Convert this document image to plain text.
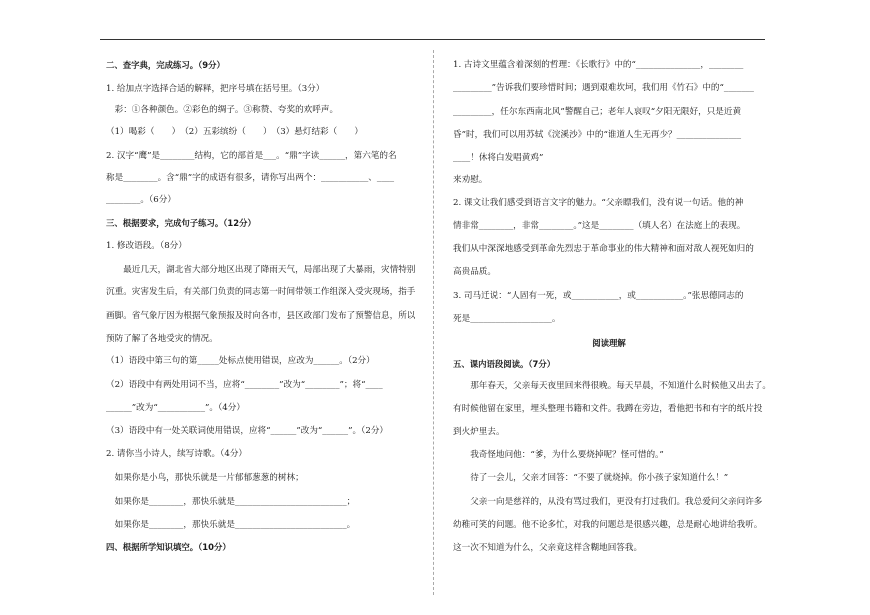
二、查字典，完成练习。（9分）
1. 给加点字选择合适的解释，把序号填在括号里。（3分）
　彩：①各种颜色。②彩色的绸子。③称赞、夸奖的欢呼声。
（1）喝彩（　　）　（2）五彩缤纷（　　）　（3）悬灯结彩（　　）
2. 汉字“鹰”是________结构，它的部首是___。“鼎”字读______，第六笔的名
称是________。含“鼎”字的成语有很多，请你写出两个：___________、____
________。（6分）
三、根据要求，完成句子练习。（12分）
1. 修改语段。（8分）
　　最近几天，湖北省大部分地区出现了降雨天气，局部出现了大暴雨，灾情特别
沉重。灾害发生后，有关部门负责的同志第一时间带领工作组深入受灾现场，指手
画脚。省气象厅因为根据气象预报及时向各市，县区政部门发布了预警信息，所以
预防了解了各地受灾的情况。
（1）语段中第三句的第_____处标点使用错误，应改为______。（2分）
（2）语段中有两处用词不当，应将“________”改为“________”；将“____
______”改为“___________”。（4分）
（3）语段中有一处关联词使用错误，应将“______”改为“______”。（2分）
2. 请你当小诗人，续写诗歌。（4分）
　如果你是小鸟，那快乐就是一片郁郁葱葱的树林；
　如果你是________，那快乐就是__________________________；
　如果你是________，那快乐就是__________________________。
四、根据所学知识填空。（10分）
1. 古诗文里蕴含着深刻的哲理：《长歌行》中的“_______________，________
_________”告诉我们要珍惜时间；遇到艰难坎坷，我们用《竹石》中的“_______
_________，任尔东西南北风”警醒自己；老年人哀叹“夕阳无限好，只是近黄
昏”时，我们可以用苏轼《浣溪沙》中的“谁道人生无再少？_______________
____！休将白发唱黄鸡”
来劝慰。
2. 课文让我们感受到语言文字的魅力。“父亲瞟我们，没有说一句话。他的神
情非常________，非常________。”这是________（填人名）在法庭上的表现。
我们从中深深地感受到革命先烈忠于革命事业的伟大精神和面对敌人视死如归的
高贵品质。
3. 司马迁说：“人固有一死，或___________，或___________。”张思德同志的
死是___________________。
阅读理解
五、课内语段阅读。（7分）
　　那年春天，父亲每天夜里回来得很晚。每天早晨，不知道什么时候他又出去了。
有时候他留在家里，埋头整理书籍和文件。我蹲在旁边，看他把书和有字的纸片投
到火炉里去。
　　我奇怪地问他：“爹，为什么要烧掉呢？怪可惜的。”
　　待了一会儿，父亲才回答：“不要了就烧掉。你小孩子家知道什么！”
　　父亲一向是慈祥的，从没有骂过我们，更没有打过我们。我总爱问父亲问许多
幼稚可笑的问题。他不论多忙，对我的问题总是很感兴趣，总是耐心地讲给我听。
这一次不知道为什么，父亲竟这样含糊地回答我。
